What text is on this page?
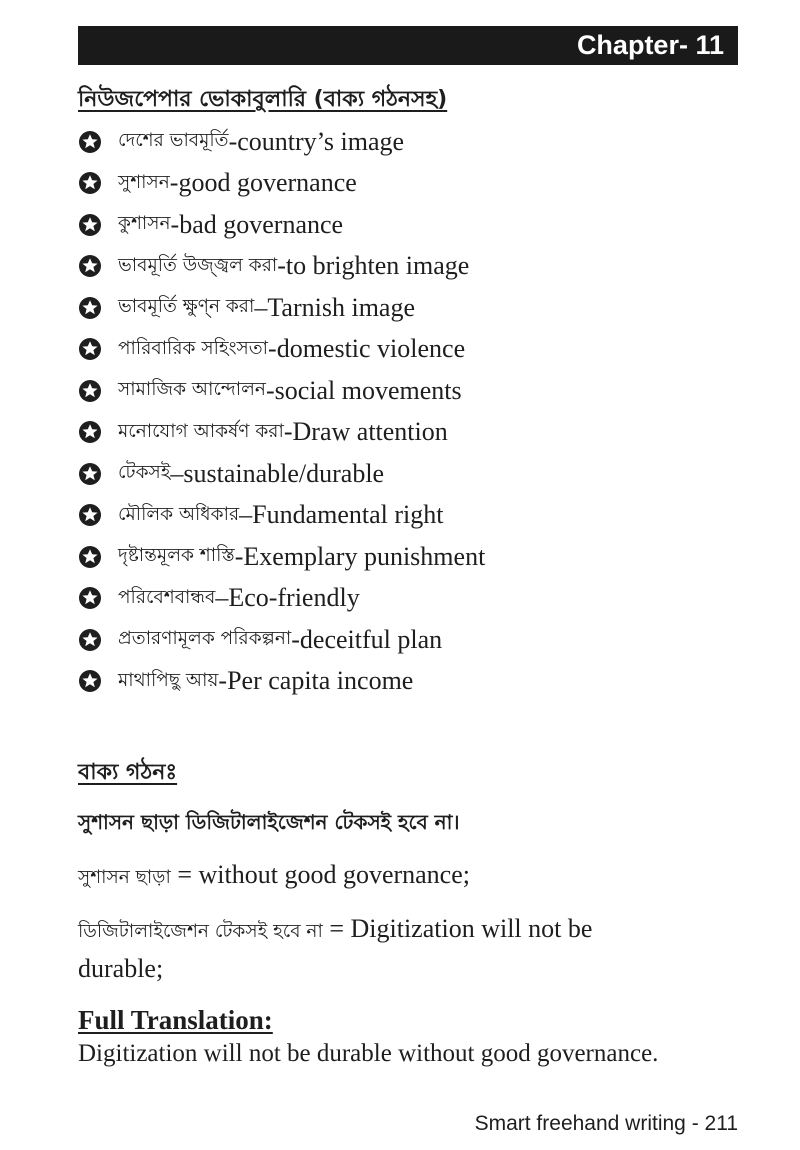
Chapter- 11
নিউজপেপার ভোকাবুলারি (বাক্য গঠনসহ)
দেশের ভাবমূর্তি - country’s image
সুশাসন - good governance
কুশাসন - bad governance
ভাবমূর্তি উজ্জ্বল করা - to brighten image
ভাবমূর্তি ক্ষুণ্ন করা – Tarnish image
পারিবারিক সহিংসতা - domestic violence
সামাজিক আন্দোলন - social movements
মনোযোগ আকর্ষণ করা - Draw attention
টেকসই – sustainable/durable
মৌলিক অধিকার – Fundamental right
দৃষ্টান্তমূলক শাস্তি - Exemplary punishment
পরিবেশবান্ধব – Eco-friendly
প্রতারণামূলক পরিকল্পনা - deceitful plan
মাথাপিছু আয় - Per capita income
বাক্য গঠনঃ
সুশাসন ছাড়া ডিজিটালাইজেশন টেকসই হবে না।
সুশাসন ছাড়া = without good governance;
ডিজিটালাইজেশন টেকসই হবে না = Digitization will not be
durable;
Full Translation:
Digitization will not be durable without good governance.
Smart freehand writing - 211
